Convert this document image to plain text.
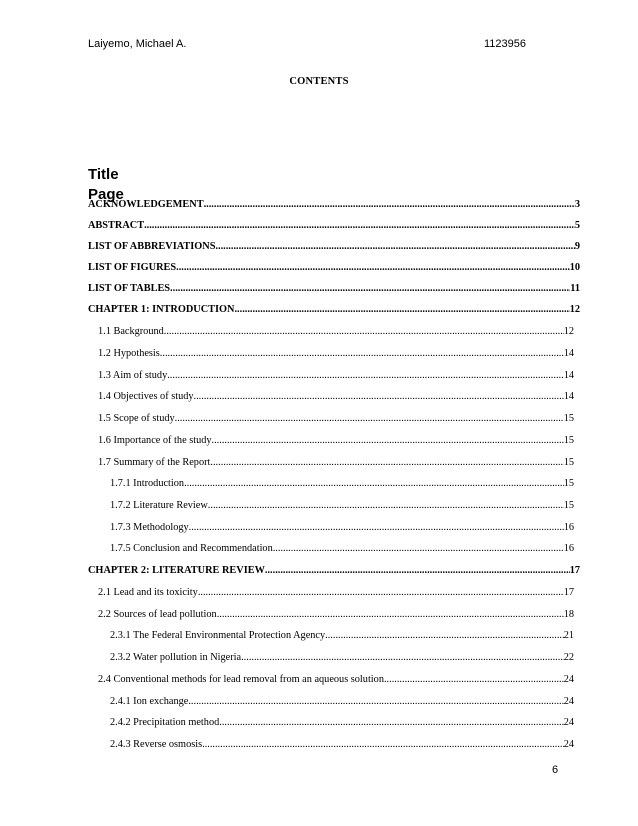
Laiyemo, Michael A.	1123956
CONTENTS
Title
Page
ACKNOWLEDGEMENT .....	3
ABSTRACT .....	5
LIST OF ABBREVIATIONS .....	9
LIST OF FIGURES .....	10
LIST OF TABLES .....	11
CHAPTER 1: INTRODUCTION .....	12
1.1 Background .....	12
1.2 Hypothesis .....	14
1.3 Aim of study .....	14
1.4 Objectives of study .....	14
1.5 Scope of study .....	15
1.6 Importance of the study .....	15
1.7 Summary of the Report .....	15
1.7.1 Introduction .....	15
1.7.2 Literature Review .....	15
1.7.3 Methodology .....	16
1.7.5 Conclusion and Recommendation .....	16
CHAPTER 2: LITERATURE REVIEW .....	17
2.1 Lead and its toxicity .....	17
2.2 Sources of lead pollution .....	18
2.3.1 The Federal Environmental Protection Agency .....	21
2.3.2 Water pollution in Nigeria .....	22
2.4 Conventional methods for lead removal from an aqueous solution .....	24
2.4.1 Ion exchange .....	24
2.4.2 Precipitation method .....	24
2.4.3 Reverse osmosis .....	24
6
